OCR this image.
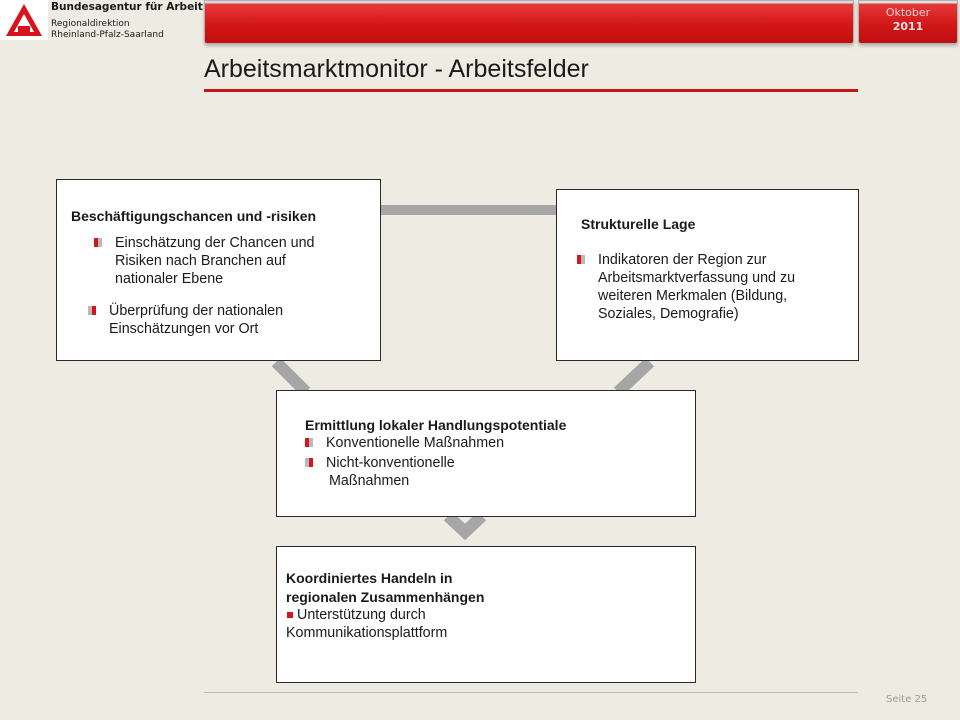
Bundesagentur für Arbeit
Regionaldirektion
Rheinland-Pfalz-Saarland
Oktober
2011
Arbeitsmarktmonitor - Arbeitsfelder
Beschäftigungschancen und -risiken
Einschätzung der Chancen und
Risiken nach Branchen auf
nationaler Ebene
Überprüfung der nationalen
Einschätzungen vor Ort
Strukturelle Lage
Indikatoren der Region zur
Arbeitsmarktverfassung und zu
weiteren Merkmalen (Bildung,
Soziales, Demografie)
Ermittlung lokaler Handlungspotentiale
Konventionelle Maßnahmen
Nicht-konventionelle
Maßnahmen
Koordiniertes Handeln in
regionalen Zusammenhängen
Unterstützung durch
Kommunikationsplattform
Seite 25
